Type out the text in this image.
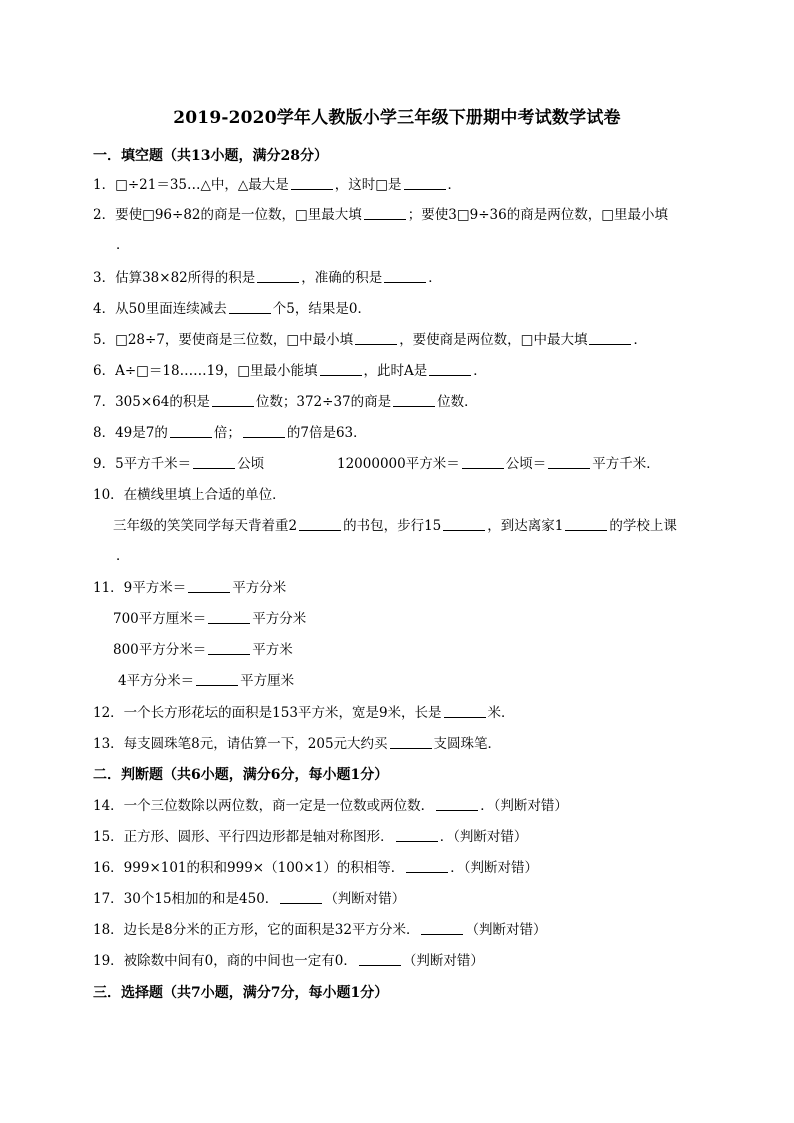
2019-2020学年人教版小学三年级下册期中考试数学试卷
一．填空题（共13小题，满分28分）
1．□÷21＝35…△中，△最大是	，这时□是	．
2．要使□96÷82的商是一位数，□里最大填	；要使3□9÷36的商是两位数，□里最小填
．
3．估算38×82所得的积是	，准确的积是	．
4．从50里面连续减去	个5，结果是0．
5．□28÷7，要使商是三位数，□中最小填	，要使商是两位数，□中最大填	．
6．A÷□＝18……19，□里最小能填	，此时A是	．
7．305×64的积是	位数；372÷37的商是	位数．
8．49是7的	倍；	的7倍是63．
9．5平方千米＝	公顷	12000000平方米＝	公顷＝	平方千米．
10．在横线里填上合适的单位．
三年级的笑笑同学每天背着重2	的书包，步行15	，到达离家1	的学校上课
．
11．9平方米＝	平方分米
700平方厘米＝	平方分米
800平方分米＝	平方米
4平方分米＝	平方厘米
12．一个长方形花坛的面积是153平方米，宽是9米，长是	米．
13．每支圆珠笔8元，请估算一下，205元大约买	支圆珠笔．
二．判断题（共6小题，满分6分，每小题1分）
14．一个三位数除以两位数，商一定是一位数或两位数．	．（判断对错）
15．正方形、圆形、平行四边形都是轴对称图形．	．（判断对错）
16．999×101的积和999×（100×1）的积相等．	．（判断对错）
17．30个15相加的和是450．	（判断对错）
18．边长是8分米的正方形，它的面积是32平方分米．	（判断对错）
19．被除数中间有0，商的中间也一定有0．	（判断对错）
三．选择题（共7小题，满分7分，每小题1分）
